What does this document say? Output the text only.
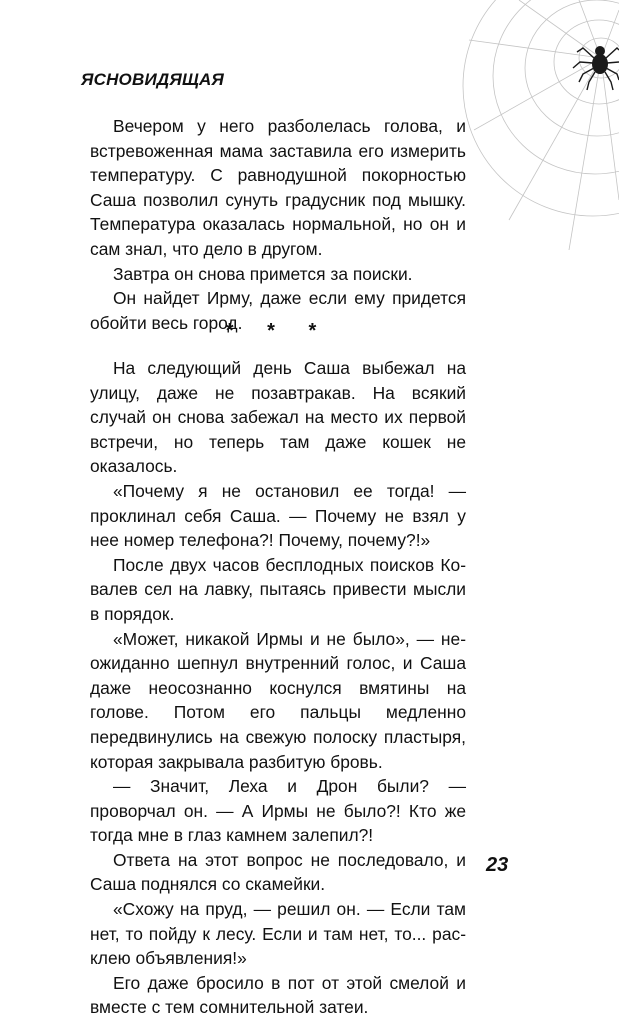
ЯСНОВИДЯЩАЯ

Вечером у него разболелась голова, и встревоженная мама заставила его измерить температуру. С равнодушной покорностью Саша позволил сунуть градусник под мышку. Температура оказалась нормальной, но он и сам знал, что дело в другом.

Завтра он снова примется за поиски.

Он найдет Ирму, даже если ему придется обойти весь город.

* * *

На следующий день Саша выбежал на улицу, даже не позавтракав. На всякий случай он снова забежал на место их первой встречи, но теперь там даже кошек не оказалось.

«Почему я не остановил ее тогда! — проклинал себя Саша. — Почему не взял у нее номер телефона?! Почему, почему?!»

После двух часов бесплодных поисков Ковалев сел на лавку, пытаясь привести мысли в порядок.

«Может, никакой Ирмы и не было», — неожиданно шепнул внутренний голос, и Саша даже неосознанно коснулся вмятины на голове. Потом его пальцы медленно передвинулись на свежую полоску пластыря, которая закрывала разбитую бровь.

— Значит, Леха и Дрон были? — проворчал он. — А Ирмы не было?! Кто же тогда мне в глаз камнем залепил?!

Ответа на этот вопрос не последовало, и Саша поднялся со скамейки.

«Схожу на пруд, — решил он. — Если там нет, то пойду к лесу. Если и там нет, то... расклею объявления!»

Его даже бросило в пот от этой смелой и вместе с тем сомнительной затеи.

23
